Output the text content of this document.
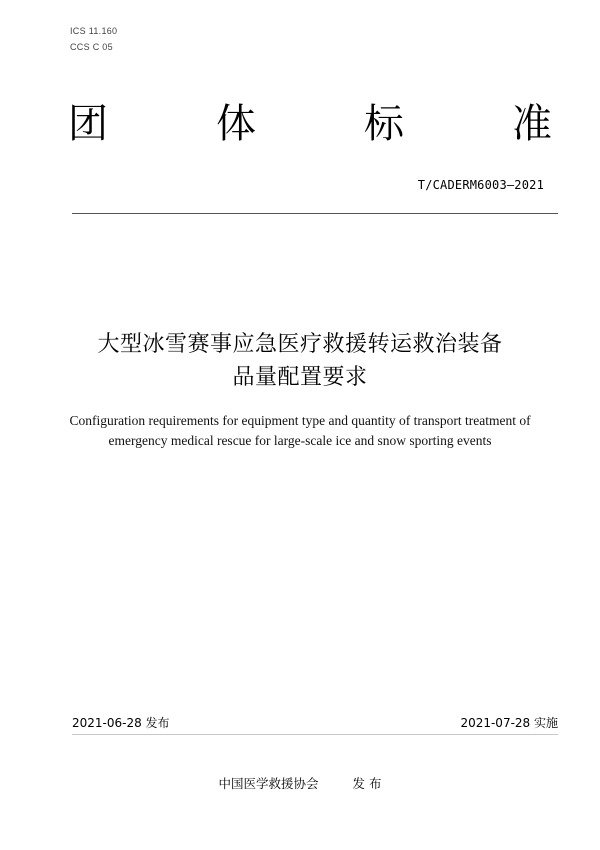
ICS 11.160
CCS C 05
团	体	标	准
T/CADERM6003—2021
大型冰雪赛事应急医疗救援转运救治装备
品量配置要求
Configuration requirements for equipment type and quantity of transport treatment of
emergency medical rescue for large-scale ice and snow sporting events
2021-06-28 发布	2021-07-28 实施
中国医学救援协会	发 布
